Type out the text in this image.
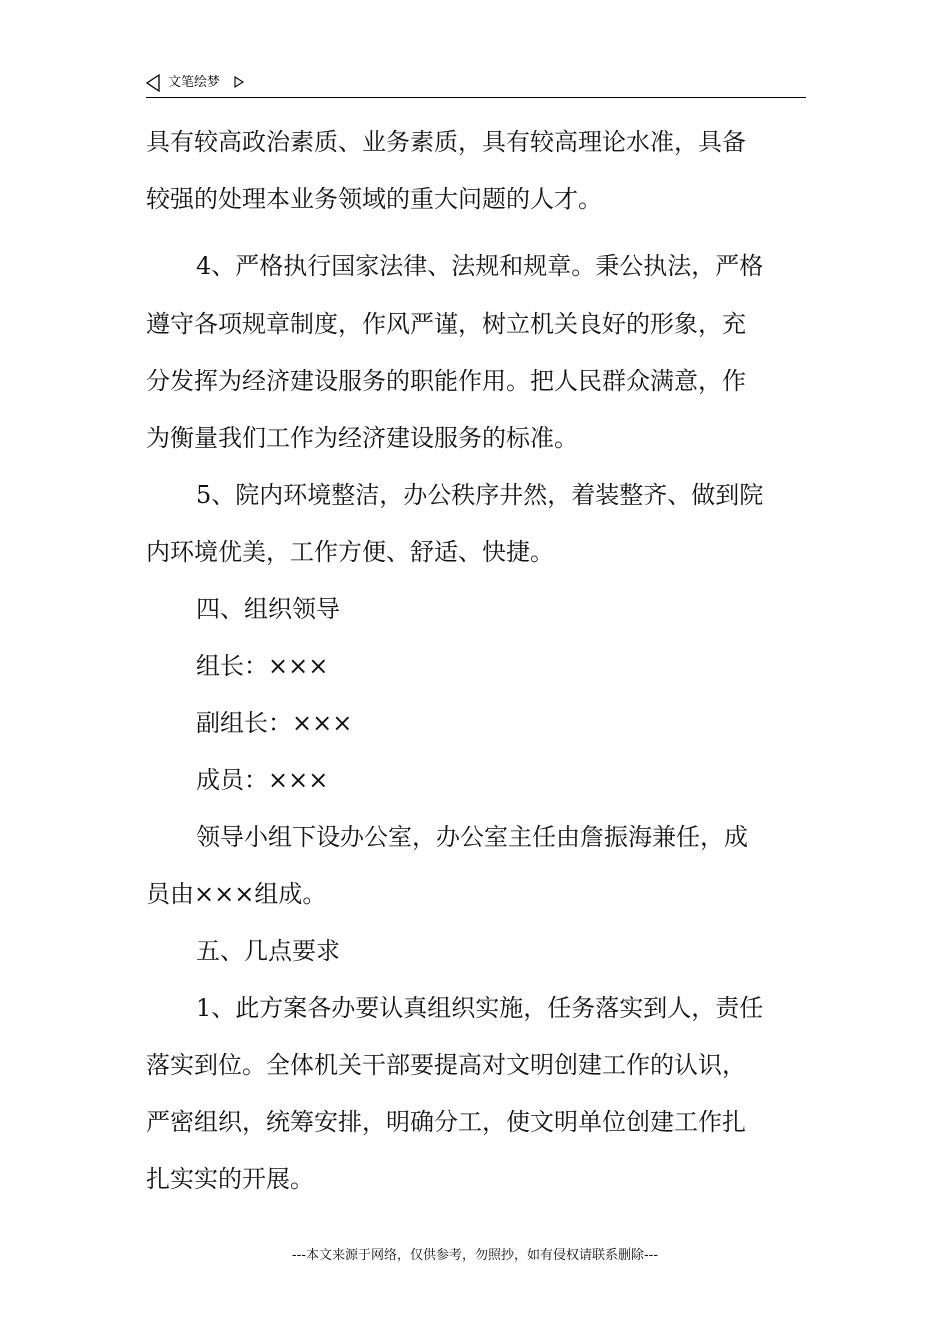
文笔绘梦
具有较高政治素质、业务素质，具有较高理论水准，具备
较强的处理本业务领域的重大问题的人才。
4、严格执行国家法律、法规和规章。秉公执法，严格
遵守各项规章制度，作风严谨，树立机关良好的形象，充
分发挥为经济建设服务的职能作用。把人民群众满意，作
为衡量我们工作为经济建设服务的标准。
5、院内环境整洁，办公秩序井然，着装整齐、做到院
内环境优美，工作方便、舒适、快捷。
四、组织领导
组长：×××
副组长：×××
成员：×××
领导小组下设办公室，办公室主任由詹振海兼任，成
员由×××组成。
五、几点要求
1、此方案各办要认真组织实施，任务落实到人，责任
落实到位。全体机关干部要提高对文明创建工作的认识，
严密组织，统筹安排，明确分工，使文明单位创建工作扎
扎实实的开展。
---本文来源于网络，仅供参考，勿照抄，如有侵权请联系删除---
